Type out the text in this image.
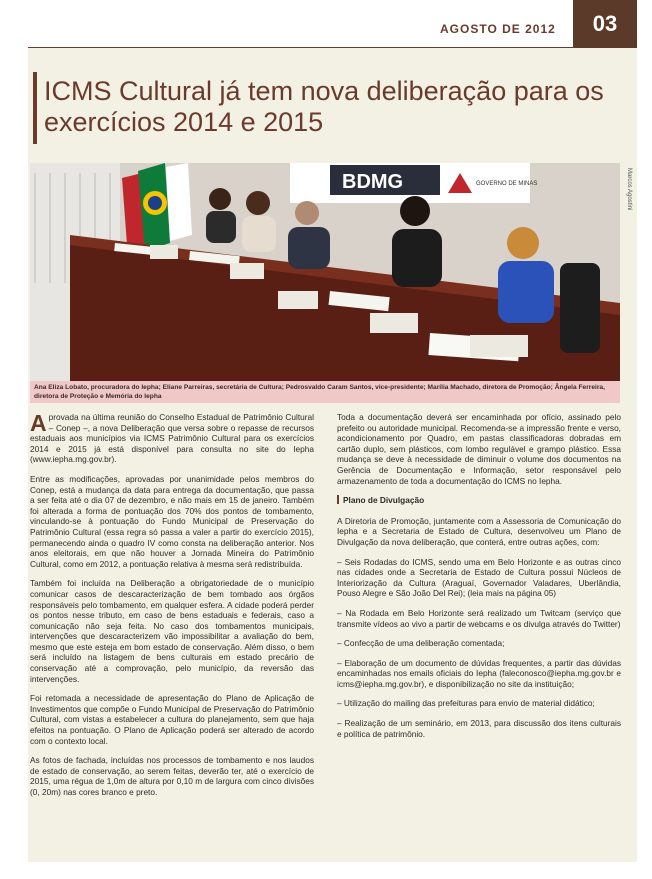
AGOSTO DE 2012	03
ICMS Cultural já tem nova deliberação para os exercícios 2014 e 2015
BDMG	GOVERNO DE MINAS	Marcos Agostini
Ana Eliza Lobato, procuradora do Iepha; Eliane Parreiras, secretária de Cultura; Pedrosvaldo Caram Santos, vice-presidente; Marília Machado, diretora de Promoção; Ângela Ferreira, diretora de Proteção e Memória do Iepha

Aprovada na última reunião do Conselho Estadual de Patrimônio Cultural – Conep –, a nova Deliberação que versa sobre o repasse de recursos estaduais aos municípios via ICMS Patrimônio Cultural para os exercícios 2014 e 2015 já está disponível para consulta no site do Iepha (www.iepha.mg.gov.br).

Entre as modificações, aprovadas por unanimidade pelos membros do Conep, está a mudança da data para entrega da documentação, que passa a ser feita até o dia 07 de dezembro, e não mais em 15 de janeiro. Também foi alterada a forma de pontuação dos 70% dos pontos de tombamento, vinculando-se à pontuação do Fundo Municipal de Preservação do Patrimônio Cultural (essa regra só passa a valer a partir do exercício 2015), permanecendo ainda o quadro IV como consta na deliberação anterior. Nos anos eleitorais, em que não houver a Jornada Mineira do Patrimônio Cultural, como em 2012, a pontuação relativa à mesma será redistribuída.

Também foi incluída na Deliberação a obrigatoriedade de o município comunicar casos de descaracterização de bem tombado aos órgãos responsáveis pelo tombamento, em qualquer esfera. A cidade poderá perder os pontos nesse tributo, em caso de bens estaduais e federais, caso a comunicação não seja feita. No caso dos tombamentos municipais, intervenções que descaracterizem vão impossibilitar a avaliação do bem, mesmo que este esteja em bom estado de conservação. Além disso, o bem será incluído na listagem de bens culturais em estado precário de conservação até a comprovação, pelo município, da reversão das intervenções.

Foi retomada a necessidade de apresentação do Plano de Aplicação de Investimentos que compõe o Fundo Municipal de Preservação do Patrimônio Cultural, com vistas a estabelecer a cultura do planejamento, sem que haja efeitos na pontuação. O Plano de Aplicação poderá ser alterado de acordo com o contexto local.

As fotos de fachada, incluídas nos processos de tombamento e nos laudos de estado de conservação, ao serem feitas, deverão ter, até o exercício de 2015, uma régua de 1,0m de altura por 0,10 m de largura com cinco divisões (0, 20m) nas cores branco e preto.

Toda a documentação deverá ser encaminhada por ofício, assinado pelo prefeito ou autoridade municipal. Recomenda-se a impressão frente e verso, acondicionamento por Quadro, em pastas classificadoras dobradas em cartão duplo, sem plásticos, com lombo regulável e grampo plástico. Essa mudança se deve à necessidade de diminuir o volume dos documentos na Gerência de Documentação e Informação, setor responsável pelo armazenamento de toda a documentação do ICMS no Iepha.

Plano de Divulgação

A Diretoria de Promoção, juntamente com a Assessoria de Comunicação do Iepha e a Secretaria de Estado de Cultura, desenvolveu um Plano de Divulgação da nova deliberação, que conterá, entre outras ações, com:

– Seis Rodadas do ICMS, sendo uma em Belo Horizonte e as outras cinco nas cidades onde a Secretaria de Estado de Cultura possui Núcleos de Interiorização da Cultura (Araguaí, Governador Valadares, Uberlândia, Pouso Alegre e São João Del Rei); (leia mais na página 05)

– Na Rodada em Belo Horizonte será realizado um Twitcam (serviço que transmite vídeos ao vivo a partir de webcams e os divulga através do Twitter)

– Confecção de uma deliberação comentada;

– Elaboração de um documento de dúvidas frequentes, a partir das dúvidas encaminhadas nos emails oficiais do Iepha (faleconosco@iepha.mg.gov.br e icms@iepha.mg.gov.br), e disponibilização no site da instituição;

– Utilização do mailing das prefeituras para envio de material didático;

– Realização de um seminário, em 2013, para discussão dos itens culturais e política de patrimônio.
